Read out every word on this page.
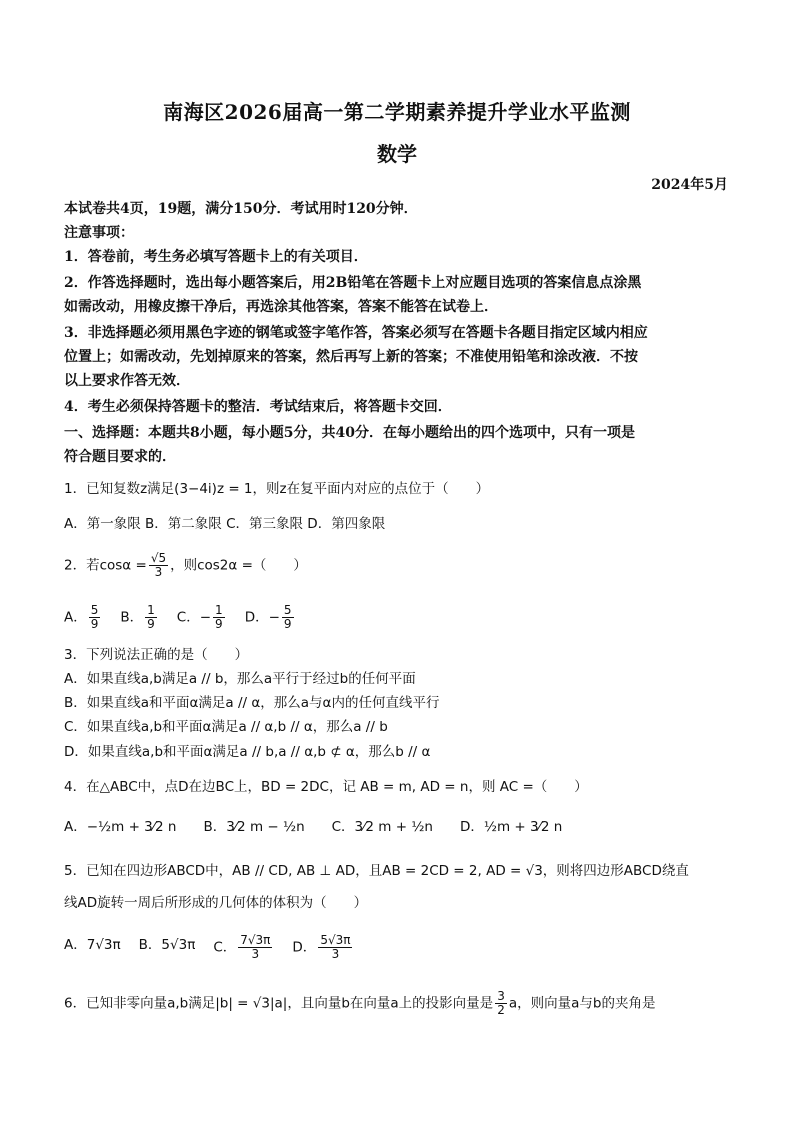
南海区2026届高一第二学期素养提升学业水平监测
数学
2024年5月
本试卷共4页，19题，满分150分．考试用时120分钟．
注意事项：
1．答卷前，考生务必填写答题卡上的有关项目．
2．作答选择题时，选出每小题答案后，用2B铅笔在答题卡上对应题目选项的答案信息点涂黑
如需改动，用橡皮擦干净后，再选涂其他答案，答案不能答在试卷上．
3．非选择题必须用黑色字迹的钢笔或签字笔作答，答案必须写在答题卡各题目指定区域内相应
位置上；如需改动，先划掉原来的答案，然后再写上新的答案；不准使用铅笔和涂改液．不按
以上要求作答无效．
4．考生必须保持答题卡的整洁．考试结束后，将答题卡交回．
一、选择题：本题共8小题，每小题5分，共40分．在每小题给出的四个选项中，只有一项是
符合题目要求的．
1．已知复数z满足(3−4i)z = 1，则z在复平面内对应的点位于（　　）
A．第一象限 B．第二象限 C．第三象限 D．第四象限
2．若$\cos\alpha = \frac{√5}{3}$ ，则cos2α =（　　）
A． $\frac{5}{9}$ B． $\frac{1}{9}$ C．− $\frac{1}{9}$ D．− $\frac{5}{9}$
3．下列说法正确的是（　　）
A．如果直线a,b满足a // b，那么a平行于经过b的任何平面
B．如果直线a和平面α满足a // α，那么a与α内的任何直线平行
C．如果直线a,b和平面α满足a // α,b // α，那么a // b
D．如果直线a,b和平面α满足a // b,a // α,b ⊄ α，那么b // α
4．在△ABC中，点D在边BC上，BD = 2DC，记 AB = m, AD = n，则 AC =（　　）
A．−½m + 3⁄2 n　　B．3⁄2 m − ½n　　C．3⁄2 m + ½n　　D．½m + 3⁄2 n
5．已知在四边形ABCD中，AB // CD, AB ⊥ AD，且AB = 2CD = 2, AD = √3，则将四边形ABCD绕直
线AD旋转一周后所形成的几何体的体积为（　　）
A．7√3π B．5√3π C． $\frac{7√3\pi}{3}$ D． $\frac{5√3\pi}{3}$
6．已知非零向量a,b满足|b| = √3|a|，且向量b在向量a上的投影向量是 $\frac{3}{2}$ a，则向量a与b的夹角是
